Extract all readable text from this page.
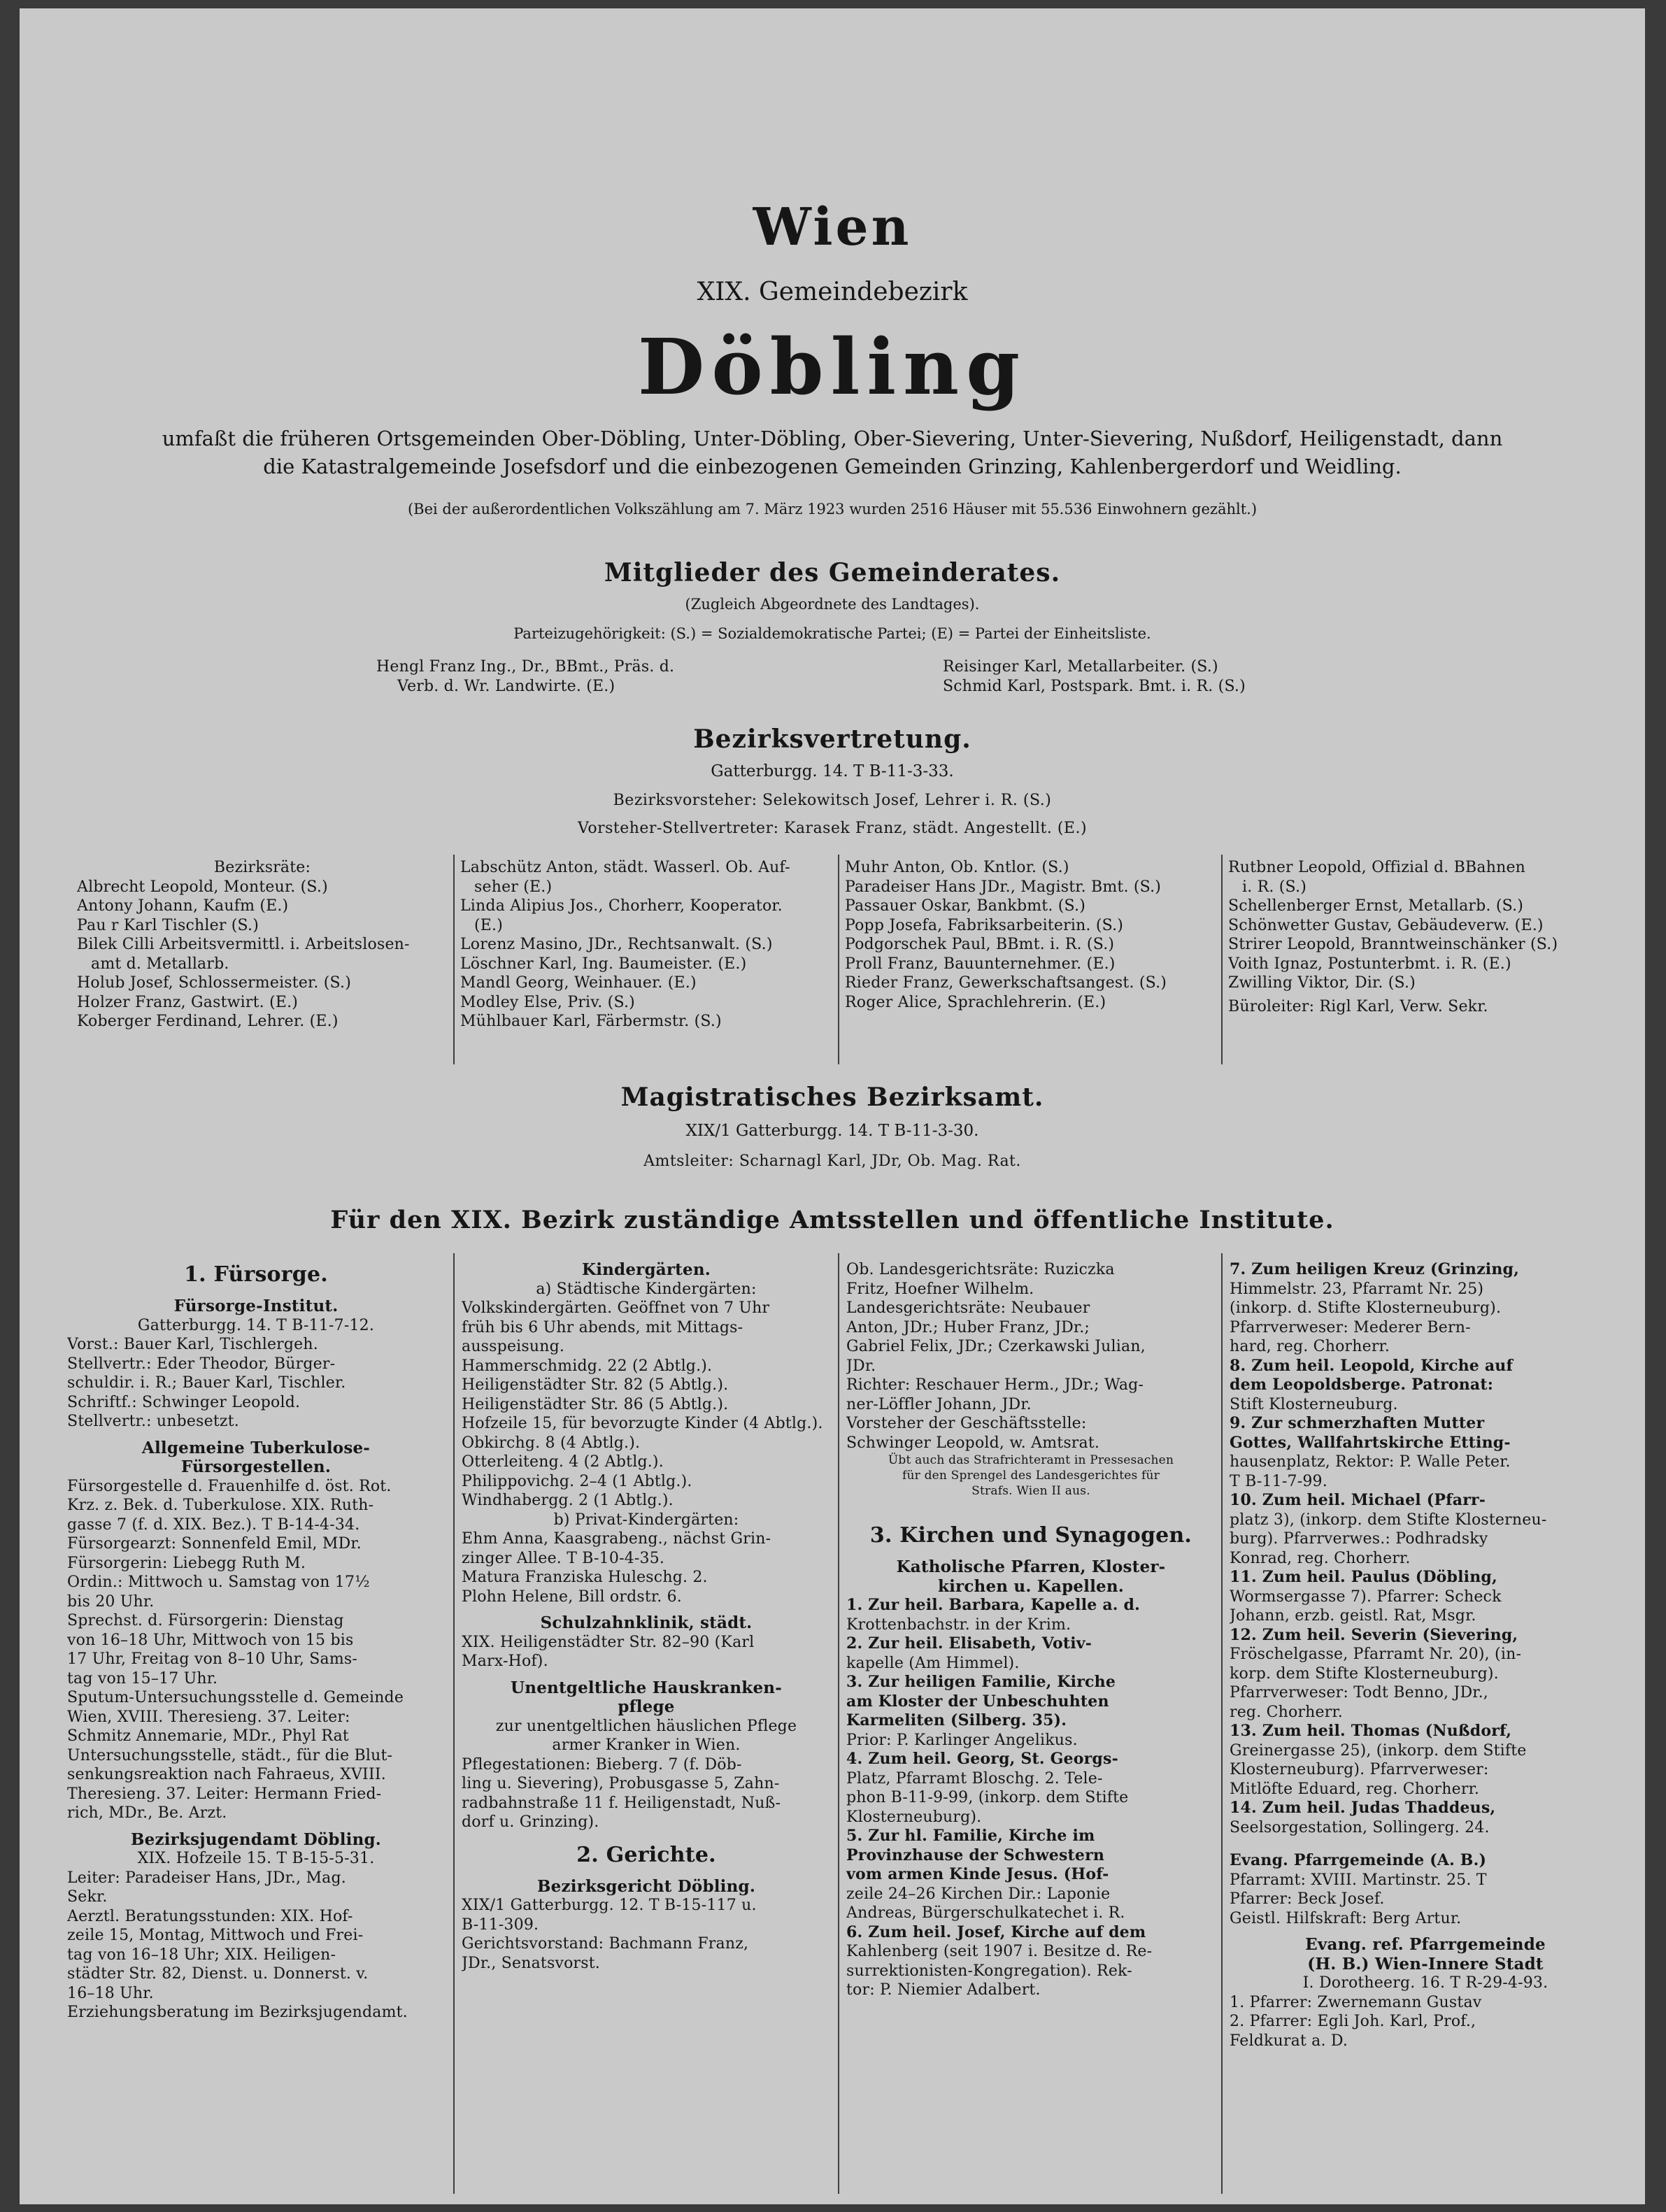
Wien
XIX. Gemeindebezirk
Döbling
umfaßt die früheren Ortsgemeinden Ober-Döbling, Unter-Döbling, Ober-Sievering, Unter-Sievering, Nußdorf, Heiligenstadt, dann
die Katastralgemeinde Josefsdorf und die einbezogenen Gemeinden Grinzing, Kahlenbergerdorf und Weidling.
(Bei der außerordentlichen Volkszählung am 7. März 1923 wurden 2516 Häuser mit 55.536 Einwohnern gezählt.)
Mitglieder des Gemeinderates.
(Zugleich Abgeordnete des Landtages).
Parteizugehörigkeit: (S.) = Sozialdemokratische Partei; (E) = Partei der Einheitsliste.
Hengl Franz Ing., Dr., BBmt., Präs. d.
Verb. d. Wr. Landwirte. (E.)
Reisinger Karl, Metallarbeiter. (S.)
Schmid Karl, Postspark. Bmt. i. R. (S.)
Bezirksvertretung.
Gatterburgg. 14. T B-11-3-33.
Bezirksvorsteher: Selekowitsch Josef, Lehrer i. R. (S.)
Vorsteher-Stellvertreter: Karasek Franz, städt. Angestellt. (E.)
Bezirksräte:
Albrecht Leopold, Monteur. (S.)
Antony Johann, Kaufm (E.)
Pau r Karl Tischler (S.)
Bilek Cilli Arbeitsvermittl. i. Arbeitslosen-
amt d. Metallarb.
Holub Josef, Schlossermeister. (S.)
Holzer Franz, Gastwirt. (E.)
Koberger Ferdinand, Lehrer. (E.)
Labschütz Anton, städt. Wasserl. Ob. Auf-
seher (E.)
Linda Alipius Jos., Chorherr, Kooperator.
(E.)
Lorenz Masino, JDr., Rechtsanwalt. (S.)
Löschner Karl, Ing. Baumeister. (E.)
Mandl Georg, Weinhauer. (E.)
Modley Else, Priv. (S.)
Mühlbauer Karl, Färbermstr. (S.)
Muhr Anton, Ob. Kntlor. (S.)
Paradeiser Hans JDr., Magistr. Bmt. (S.)
Passauer Oskar, Bankbmt. (S.)
Popp Josefa, Fabriksarbeiterin. (S.)
Podgorschek Paul, BBmt. i. R. (S.)
Proll Franz, Bauunternehmer. (E.)
Rieder Franz, Gewerkschaftsangest. (S.)
Roger Alice, Sprachlehrerin. (E.)
Rutbner Leopold, Offizial d. BBahnen
i. R. (S.)
Schellenberger Ernst, Metallarb. (S.)
Schönwetter Gustav, Gebäudeverw. (E.)
Strirer Leopold, Branntweinschänker (S.)
Voith Ignaz, Postunterbmt. i. R. (E.)
Zwilling Viktor, Dir. (S.)
Büroleiter: Rigl Karl, Verw. Sekr.
Magistratisches Bezirksamt.
XIX/1 Gatterburgg. 14. T B-11-3-30.
Amtsleiter: Scharnagl Karl, JDr, Ob. Mag. Rat.
Für den XIX. Bezirk zuständige Amtsstellen und öffentliche Institute.
1. Fürsorge.
Fürsorge-Institut.
Gatterburgg. 14. T B-11-7-12.
Vorst.: Bauer Karl, Tischlergeh.
Stellvertr.: Eder Theodor, Bürger-
schuldir. i. R.; Bauer Karl, Tischler.
Schriftf.: Schwinger Leopold.
Stellvertr.: unbesetzt.
Allgemeine Tuberkulose-
Fürsorgestellen.
Fürsorgestelle d. Frauenhilfe d. öst. Rot.
Krz. z. Bek. d. Tuberkulose. XIX. Ruth-
gasse 7 (f. d. XIX. Bez.). T B-14-4-34.
Fürsorgearzt: Sonnenfeld Emil, MDr.
Fürsorgerin: Liebegg Ruth M.
Ordin.: Mittwoch u. Samstag von 17½
bis 20 Uhr.
Sprechst. d. Fürsorgerin: Dienstag
von 16–18 Uhr, Mittwoch von 15 bis
17 Uhr, Freitag von 8–10 Uhr, Sams-
tag von 15–17 Uhr.
Sputum-Untersuchungsstelle d. Gemeinde
Wien, XVIII. Theresieng. 37. Leiter:
Schmitz Annemarie, MDr., Phyl Rat
Untersuchungsstelle, städt., für die Blut-
senkungsreaktion nach Fahraeus, XVIII.
Theresieng. 37. Leiter: Hermann Fried-
rich, MDr., Be. Arzt.
Bezirksjugendamt Döbling.
XIX. Hofzeile 15. T B-15-5-31.
Leiter: Paradeiser Hans, JDr., Mag.
Sekr.
Aerztl. Beratungsstunden: XIX. Hof-
zeile 15, Montag, Mittwoch und Frei-
tag von 16–18 Uhr; XIX. Heiligen-
städter Str. 82, Dienst. u. Donnerst. v.
16–18 Uhr.
Erziehungsberatung im Bezirksjugendamt.
Kindergärten.
a) Städtische Kindergärten:
Volkskindergärten. Geöffnet von 7 Uhr
früh bis 6 Uhr abends, mit Mittags-
ausspeisung.
Hammerschmidg. 22 (2 Abtlg.).
Heiligenstädter Str. 82 (5 Abtlg.).
Heiligenstädter Str. 86 (5 Abtlg.).
Hofzeile 15, für bevorzugte Kinder (4 Abtlg.).
Obkirchg. 8 (4 Abtlg.).
Otterleiteng. 4 (2 Abtlg.).
Philippovichg. 2–4 (1 Abtlg.).
Windhabergg. 2 (1 Abtlg.).
b) Privat-Kindergärten:
Ehm Anna, Kaasgrabeng., nächst Grin-
zinger Allee. T B-10-4-35.
Matura Franziska Huleschg. 2.
Plohn Helene, Bill ordstr. 6.
Schulzahnklinik, städt.
XIX. Heiligenstädter Str. 82–90 (Karl
Marx-Hof).
Unentgeltliche Hauskranken-
pflege
zur unentgeltlichen häuslichen Pflege
armer Kranker in Wien.
Pflegestationen: Bieberg. 7 (f. Döb-
ling u. Sievering), Probusgasse 5, Zahn-
radbahnstraße 11 f. Heiligenstadt, Nuß-
dorf u. Grinzing).
2. Gerichte.
Bezirksgericht Döbling.
XIX/1 Gatterburgg. 12. T B-15-117 u.
B-11-309.
Gerichtsvorstand: Bachmann Franz,
JDr., Senatsvorst.
Ob. Landesgerichtsräte: Ruziczka
Fritz, Hoefner Wilhelm.
Landesgerichtsräte: Neubauer
Anton, JDr.; Huber Franz, JDr.;
Gabriel Felix, JDr.; Czerkawski Julian,
JDr.
Richter: Reschauer Herm., JDr.; Wag-
ner-Löffler Johann, JDr.
Vorsteher der Geschäftsstelle:
Schwinger Leopold, w. Amtsrat.
Übt auch das Strafrichteramt in Pressesachen
für den Sprengel des Landesgerichtes für
Strafs. Wien II aus.
3. Kirchen und Synagogen.
Katholische Pfarren, Kloster-
kirchen u. Kapellen.
1. Zur heil. Barbara, Kapelle a. d.
Krottenbachstr. in der Krim.
2. Zur heil. Elisabeth, Votiv-
kapelle (Am Himmel).
3. Zur heiligen Familie, Kirche
am Kloster der Unbeschuhten
Karmeliten (Silberg. 35).
Prior: P. Karlinger Angelikus.
4. Zum heil. Georg, St. Georgs-
Platz, Pfarramt Bloschg. 2. Tele-
phon B-11-9-99, (inkorp. dem Stifte
Klosterneuburg).
5. Zur hl. Familie, Kirche im
Provinzhause der Schwestern
vom armen Kinde Jesus. (Hof-
zeile 24–26 Kirchen Dir.: Laponie
Andreas, Bürgerschulkatechet i. R.
6. Zum heil. Josef, Kirche auf dem
Kahlenberg (seit 1907 i. Besitze d. Re-
surrektionisten-Kongregation). Rek-
tor: P. Niemier Adalbert.
7. Zum heiligen Kreuz (Grinzing,
Himmelstr. 23, Pfarramt Nr. 25)
(inkorp. d. Stifte Klosterneuburg).
Pfarrverweser: Mederer Bern-
hard, reg. Chorherr.
8. Zum heil. Leopold, Kirche auf
dem Leopoldsberge. Patronat:
Stift Klosterneuburg.
9. Zur schmerzhaften Mutter
Gottes, Wallfahrtskirche Etting-
hausenplatz, Rektor: P. Walle Peter.
T B-11-7-99.
10. Zum heil. Michael (Pfarr-
platz 3), (inkorp. dem Stifte Klosterneu-
burg). Pfarrverwes.: Podhradsky
Konrad, reg. Chorherr.
11. Zum heil. Paulus (Döbling,
Wormsergasse 7). Pfarrer: Scheck
Johann, erzb. geistl. Rat, Msgr.
12. Zum heil. Severin (Sievering,
Fröschelgasse, Pfarramt Nr. 20), (in-
korp. dem Stifte Klosterneuburg).
Pfarrverweser: Todt Benno, JDr.,
reg. Chorherr.
13. Zum heil. Thomas (Nußdorf,
Greinergasse 25), (inkorp. dem Stifte
Klosterneuburg). Pfarrverweser:
Mitlöfte Eduard, reg. Chorherr.
14. Zum heil. Judas Thaddeus,
Seelsorgestation, Sollingerg. 24.
Evang. Pfarrgemeinde (A. B.)
Pfarramt: XVIII. Martinstr. 25. T
Pfarrer: Beck Josef.
Geistl. Hilfskraft: Berg Artur.
Evang. ref. Pfarrgemeinde
(H. B.) Wien-Innere Stadt
I. Dorotheerg. 16. T R-29-4-93.
1. Pfarrer: Zwernemann Gustav
2. Pfarrer: Egli Joh. Karl, Prof.,
Feldkurat a. D.
